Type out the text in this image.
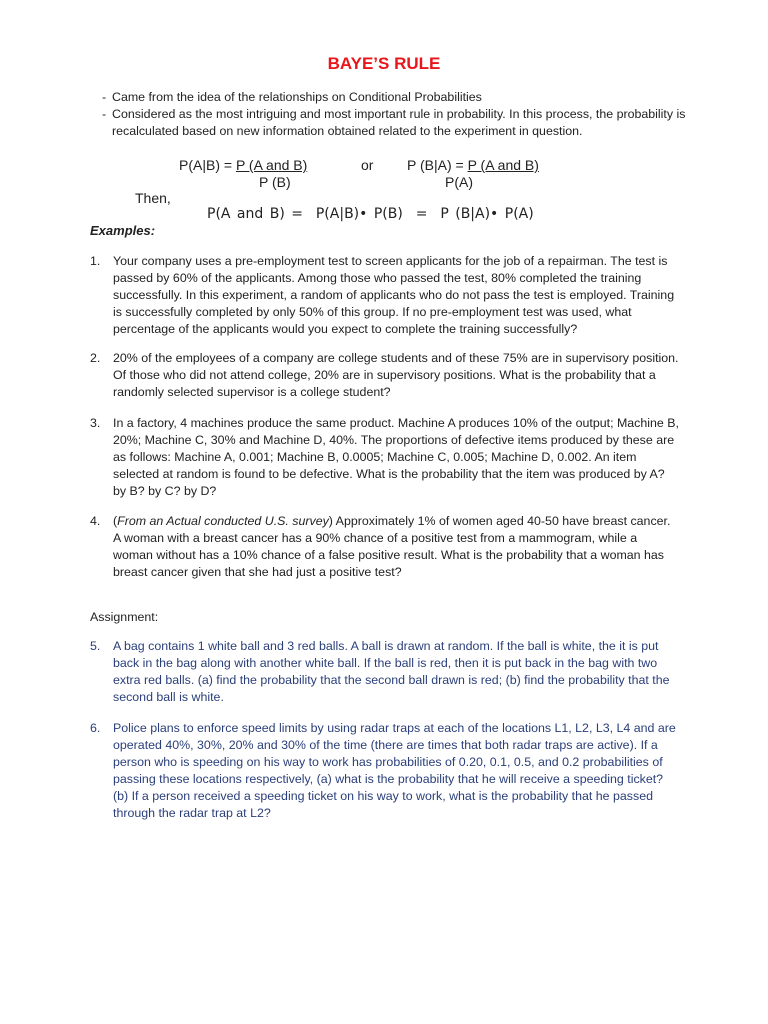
BAYE’S RULE
- Came from the idea of the relationships on Conditional Probabilities
- Considered as the most intriguing and most important rule in probability. In this process, the probability is recalculated based on new information obtained related to the experiment in question.
P(A|B) = P (A and B)
P (B)
or P (B|A) = P (A and B)
P(A)
Then,
P(A and B) =  P(A|B)• P(B)  =  P (B|A)• P(A)
Examples:
1. Your company uses a pre-employment test to screen applicants for the job of a repairman. The test is passed by 60% of the applicants. Among those who passed the test, 80% completed the training successfully. In this experiment, a random of applicants who do not pass the test is employed. Training is successfully completed by only 50% of this group. If no pre-employment test was used, what percentage of the applicants would you expect to complete the training successfully?
2. 20% of the employees of a company are college students and of these 75% are in supervisory position. Of those who did not attend college, 20% are in supervisory positions. What is the probability that a randomly selected supervisor is a college student?
3. In a factory, 4 machines produce the same product. Machine A produces 10% of the output; Machine B, 20%; Machine C, 30% and Machine D, 40%. The proportions of defective items produced by these are as follows: Machine A, 0.001; Machine B, 0.0005; Machine C, 0.005; Machine D, 0.002. An item selected at random is found to be defective. What is the probability that the item was produced by A? by B? by C? by D?
4. (From an Actual conducted U.S. survey) Approximately 1% of women aged 40-50 have breast cancer. A woman with a breast cancer has a 90% chance of a positive test from a mammogram, while a woman without has a 10% chance of a false positive result. What is the probability that a woman has breast cancer given that she had just a positive test?
Assignment:
5. A bag contains 1 white ball and 3 red balls. A ball is drawn at random. If the ball is white, the it is put back in the bag along with another white ball. If the ball is red, then it is put back in the bag with two extra red balls. (a) find the probability that the second ball drawn is red; (b) find the probability that the second ball is white.
6. Police plans to enforce speed limits by using radar traps at each of the locations L1, L2, L3, L4 and are operated 40%, 30%, 20% and 30% of the time (there are times that both radar traps are active). If a person who is speeding on his way to work has probabilities of 0.20, 0.1, 0.5, and 0.2 probabilities of passing these locations respectively, (a) what is the probability that he will receive a speeding ticket? (b) If a person received a speeding ticket on his way to work, what is the probability that he passed through the radar trap at L2?
